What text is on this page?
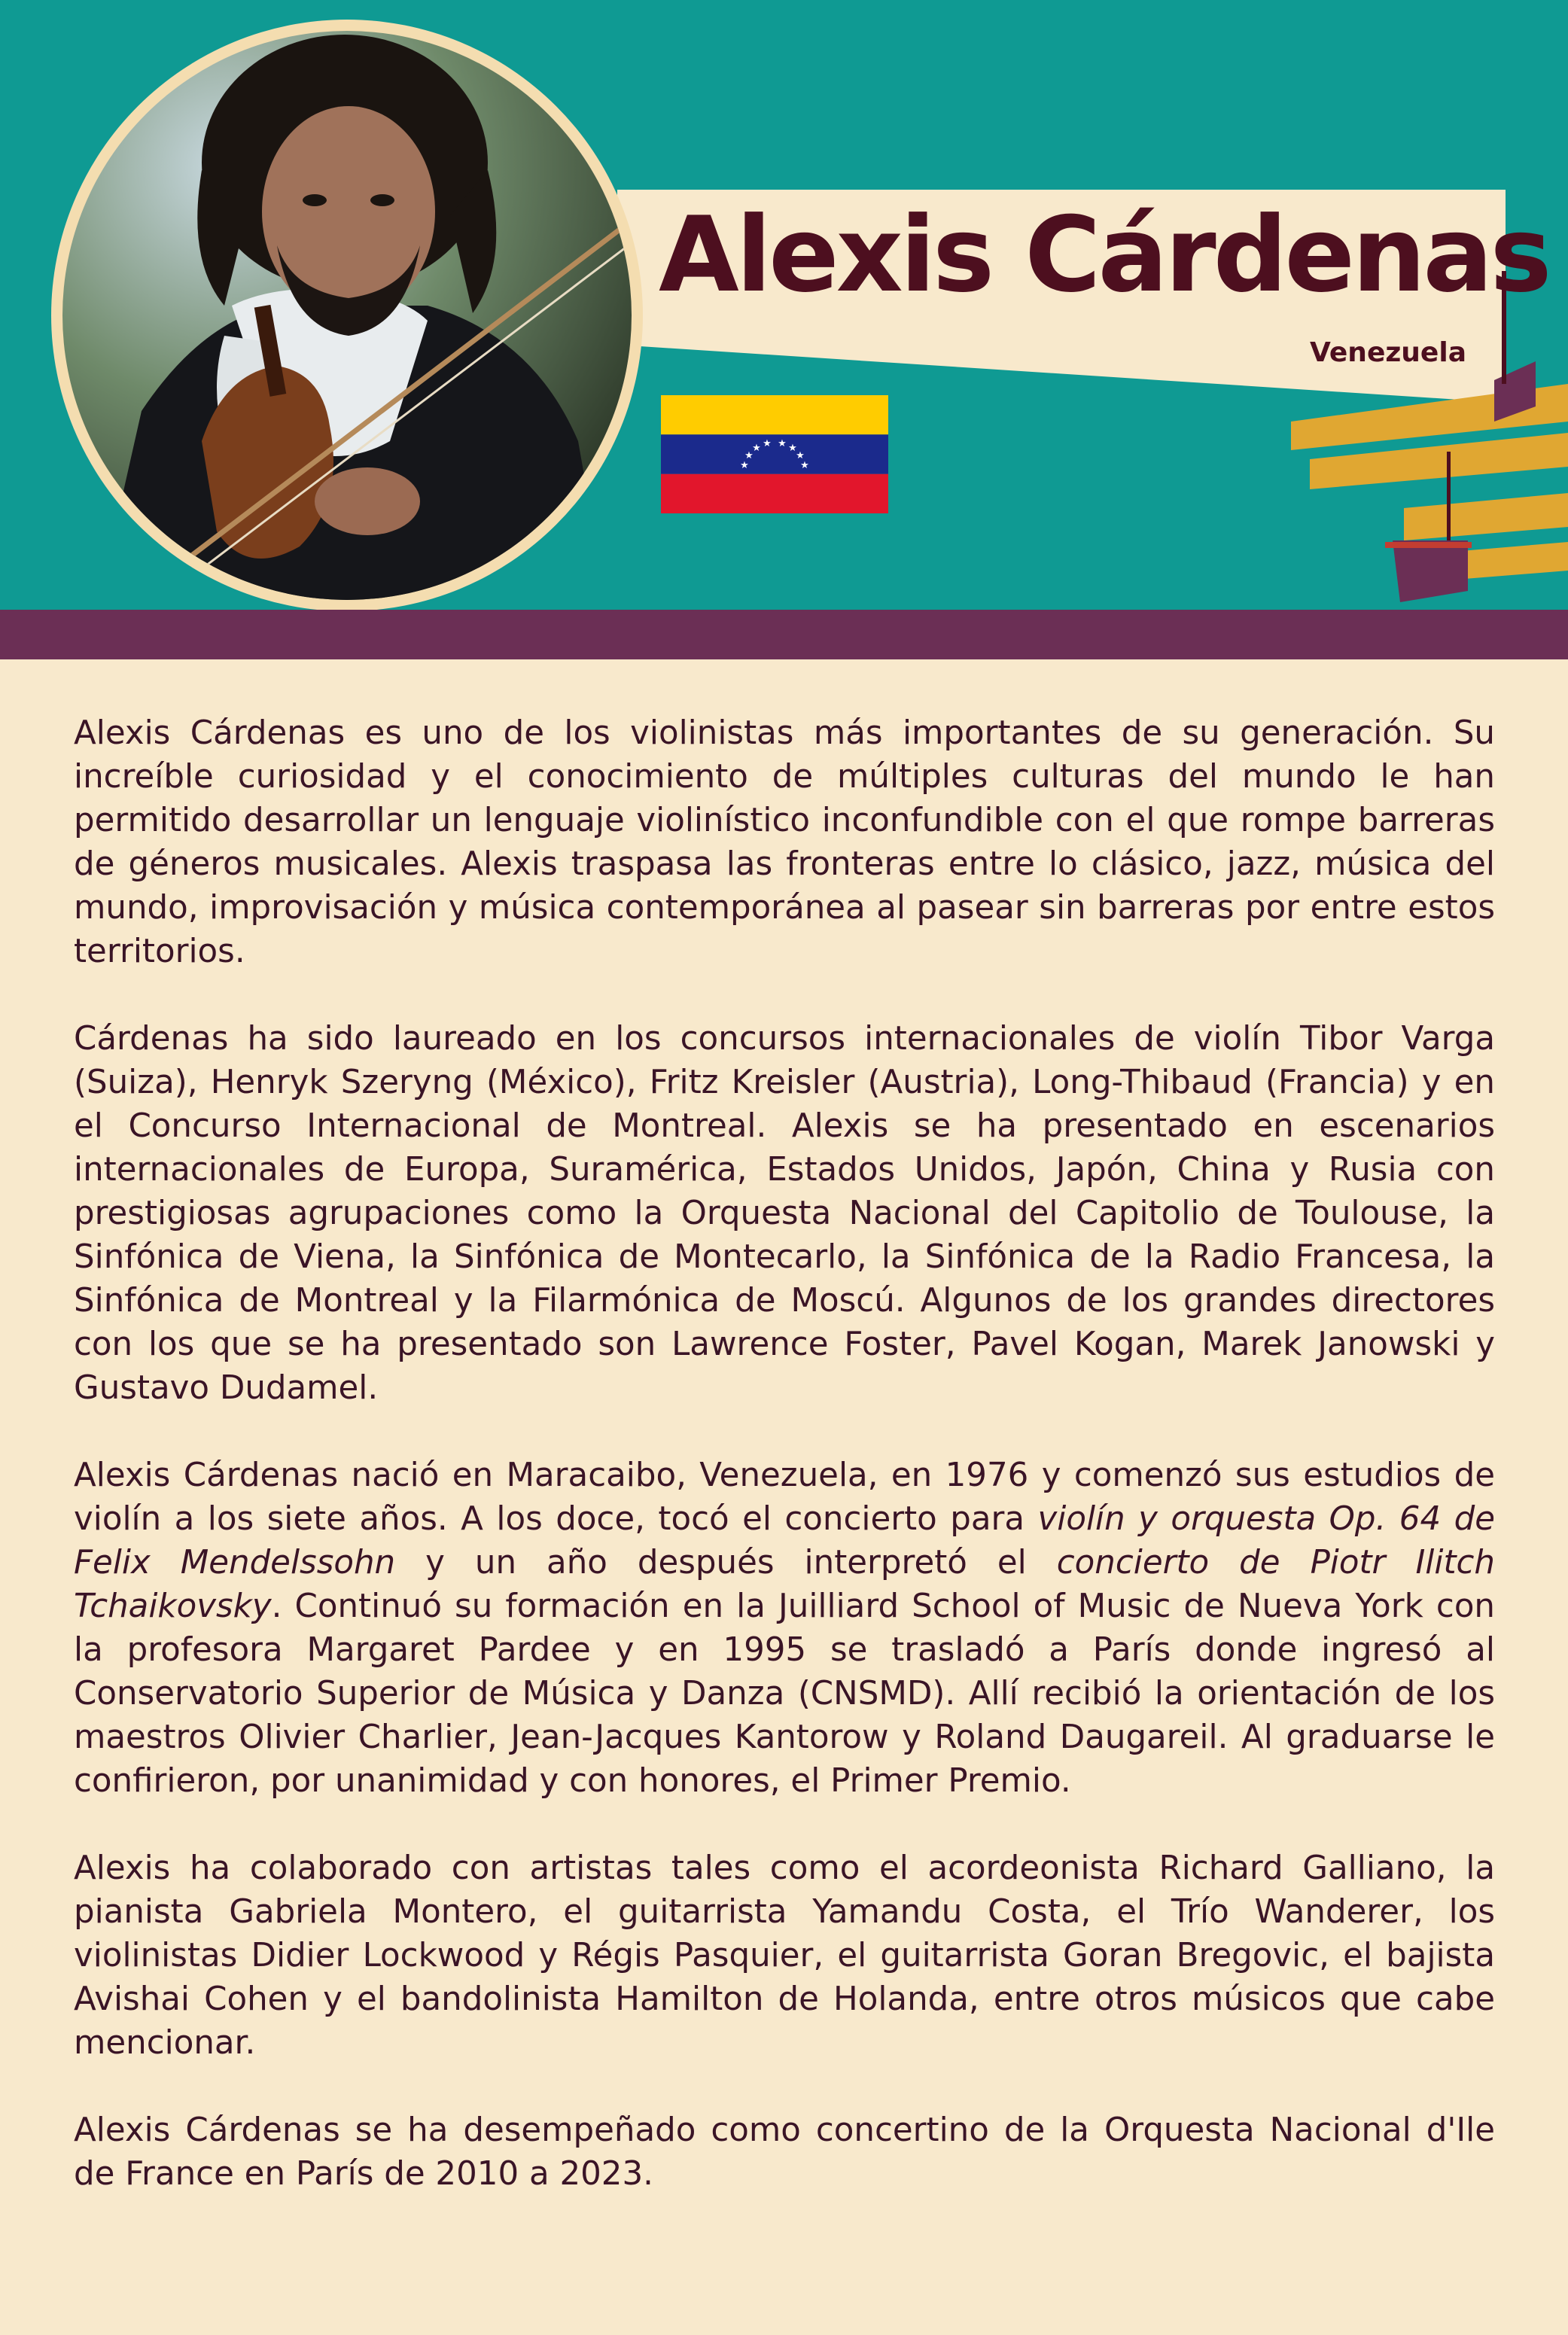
Alexis Cárdenas
Venezuela
★
★
★ ★ ★ ★
★
★

Alexis Cárdenas es uno de los violinistas más importantes de su generación. Su increíble curiosidad y el conocimiento de múltiples culturas del mundo le han permitido desarrollar un lenguaje violinístico inconfundible con el que rompe barreras de géneros musicales. Alexis traspasa las fronteras entre lo clásico, jazz, música del mundo, improvisación y música contemporánea al pasear sin barreras por entre estos territorios.

Cárdenas ha sido laureado en los concursos internacionales de violín Tibor Varga (Suiza), Henryk Szeryng (México), Fritz Kreisler (Austria), Long-Thibaud (Francia) y en el Concurso Internacional de Montreal. Alexis se ha presentado en escenarios internacionales de Europa, Suramérica, Estados Unidos, Japón, China y Rusia con prestigiosas agrupaciones como la Orquesta Nacional del Capitolio de Toulouse, la Sinfónica de Viena, la Sinfónica de Montecarlo, la Sinfónica de la Radio Francesa, la Sinfónica de Montreal y la Filarmónica de Moscú. Algunos de los grandes directores con los que se ha presentado son Lawrence Foster, Pavel Kogan, Marek Janowski y Gustavo Dudamel.

Alexis Cárdenas nació en Maracaibo, Venezuela, en 1976 y comenzó sus estudios de violín a los siete años. A los doce, tocó el concierto para violín y orquesta Op. 64 de Felix Mendelssohn y un año después interpretó el concierto de Piotr Ilitch Tchaikovsky. Continuó su formación en la Juilliard School of Music de Nueva York con la profesora Margaret Pardee y en 1995 se trasladó a París donde ingresó al Conservatorio Superior de Música y Danza (CNSMD). Allí recibió la orientación de los maestros Olivier Charlier, Jean-Jacques Kantorow y Roland Daugareil. Al graduarse le confirieron, por unanimidad y con honores, el Primer Premio.

Alexis ha colaborado con artistas tales como el acordeonista Richard Galliano, la pianista Gabriela Montero, el guitarrista Yamandu Costa, el Trío Wanderer, los violinistas Didier Lockwood y Régis Pasquier, el guitarrista Goran Bregovic, el bajista Avishai Cohen y el bandolinista Hamilton de Holanda, entre otros músicos que cabe mencionar.

Alexis Cárdenas se ha desempeñado como concertino de la Orquesta Nacional d'Ile de France en París de 2010 a 2023.
